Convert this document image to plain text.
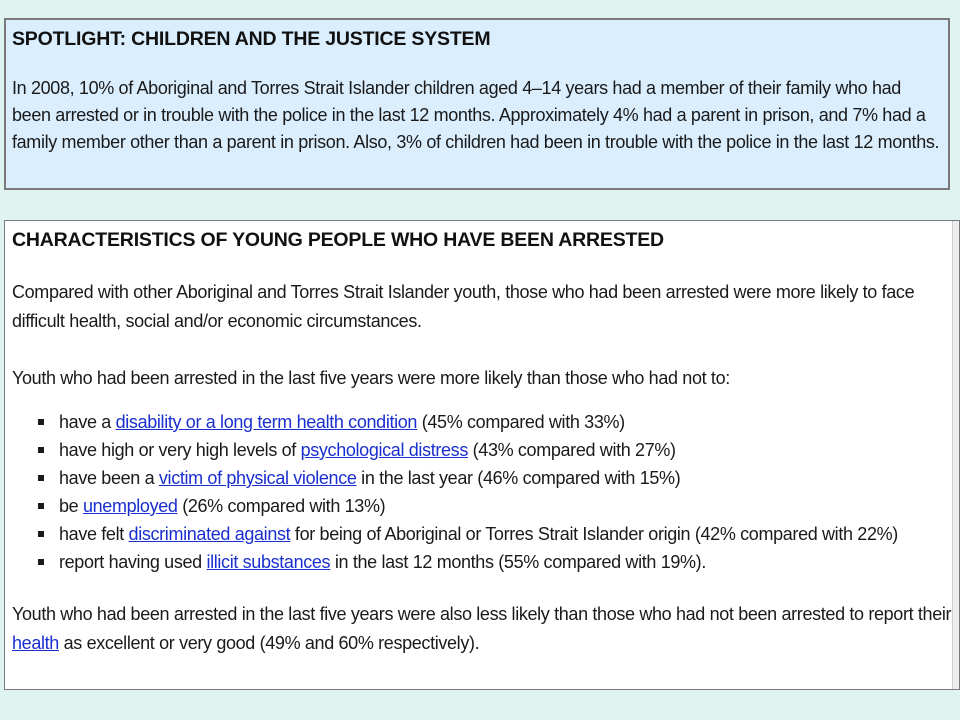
SPOTLIGHT: CHILDREN AND THE JUSTICE SYSTEM

In 2008, 10% of Aboriginal and Torres Strait Islander children aged 4–14 years had a member of their family who had been arrested or in trouble with the police in the last 12 months. Approximately 4% had a parent in prison, and 7% had a family member other than a parent in prison. Also, 3% of children had been in trouble with the police in the last 12 months.

CHARACTERISTICS OF YOUNG PEOPLE WHO HAVE BEEN ARRESTED

Compared with other Aboriginal and Torres Strait Islander youth, those who had been arrested were more likely to face difficult health, social and/or economic circumstances.

Youth who had been arrested in the last five years were more likely than those who had not to:

have a disability or a long term health condition (45% compared with 33%)
have high or very high levels of psychological distress (43% compared with 27%)
have been a victim of physical violence in the last year (46% compared with 15%)
be unemployed (26% compared with 13%)
have felt discriminated against for being of Aboriginal or Torres Strait Islander origin (42% compared with 22%)
report having used illicit substances in the last 12 months (55% compared with 19%).

Youth who had been arrested in the last five years were also less likely than those who had not been arrested to report their health as excellent or very good (49% and 60% respectively).
